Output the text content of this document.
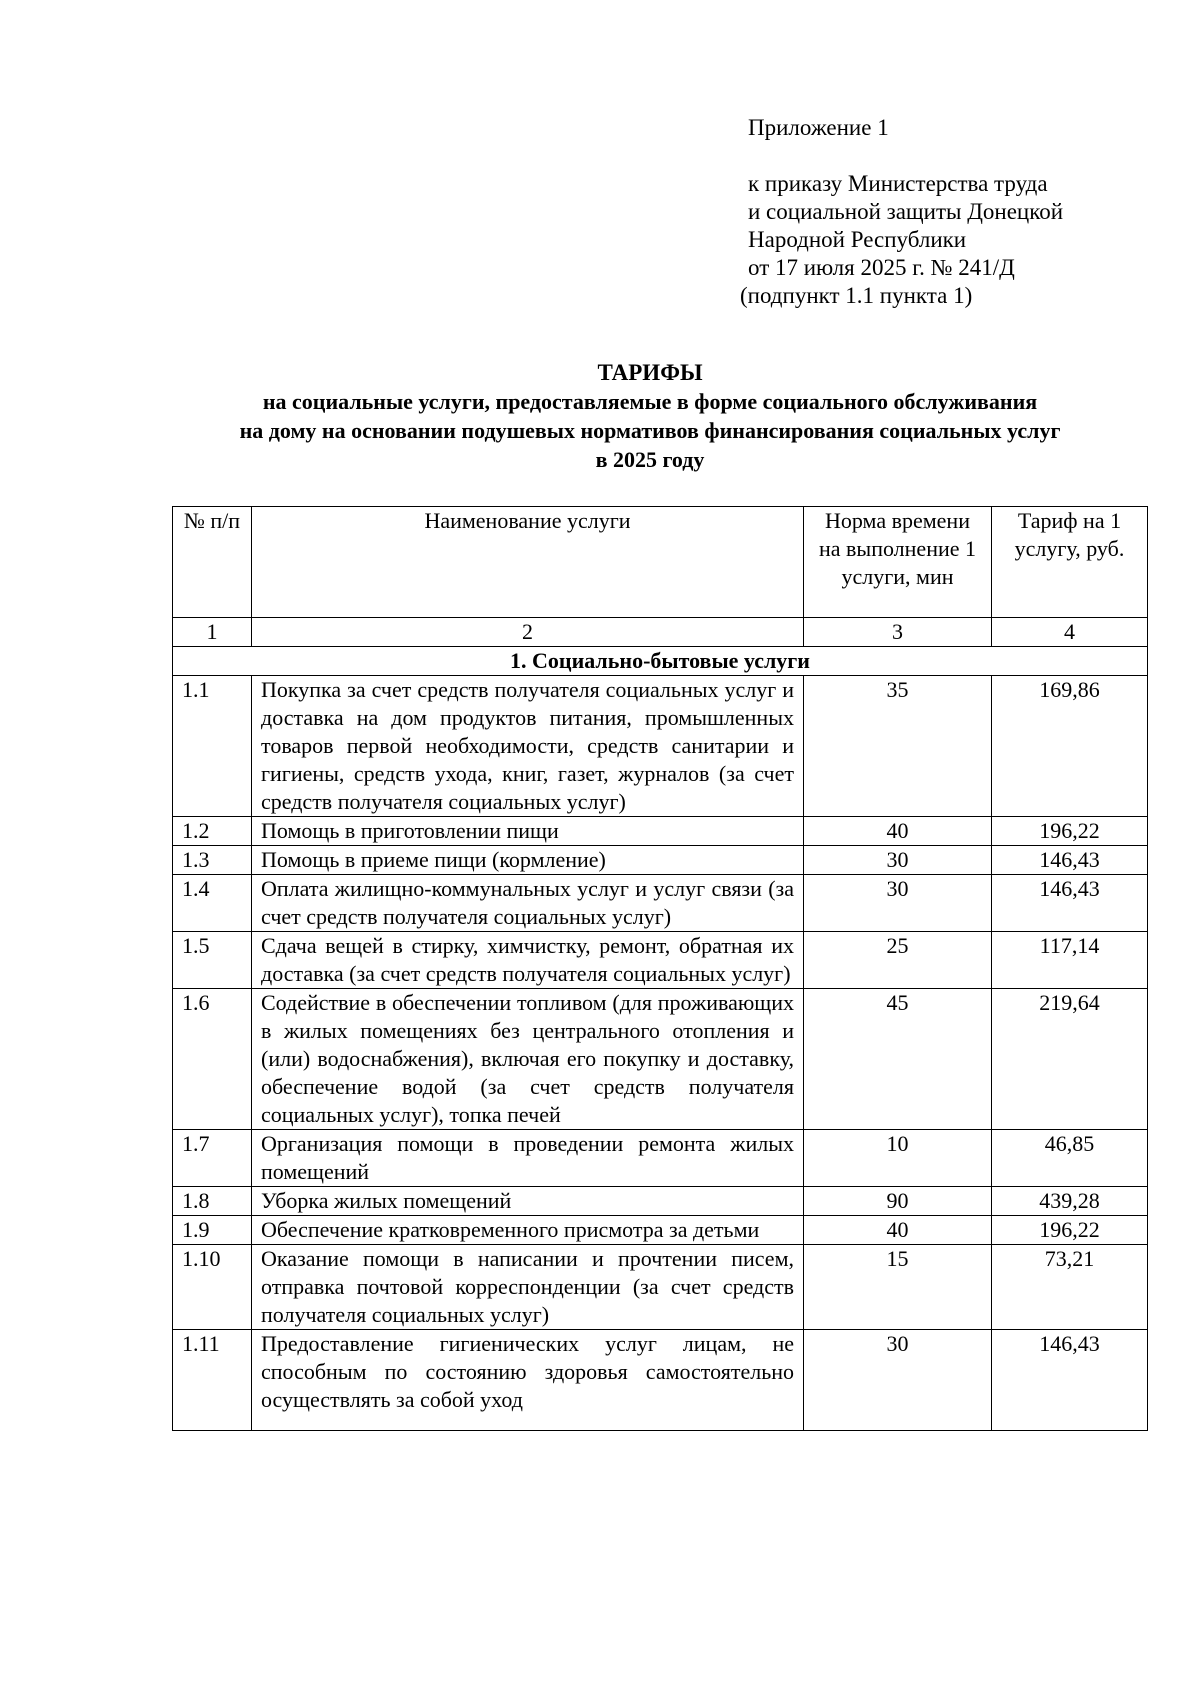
Приложение 1
к приказу Министерства труда
и социальной защиты Донецкой
Народной Республики
от 17 июля 2025 г. № 241/Д
(подпункт 1.1 пункта 1)
ТАРИФЫ
на социальные услуги, предоставляемые в форме социального обслуживания
на дому на основании подушевых нормативов финансирования социальных услуг
в 2025 году
№ п/п	Наименование услуги	Норма времени на выполнение 1 услуги, мин	Тариф на 1 услугу, руб.
1	2	3	4
1. Социально-бытовые услуги			
1.1	Покупка за счет средств получателя социальных услуг и доставка на дом продуктов питания, промышленных товаров первой необходимости, средств санитарии и гигиены, средств ухода, книг, газет, журналов (за счет средств получателя социальных услуг)	35	169,86
1.2	Помощь в приготовлении пищи	40	196,22
1.3	Помощь в приеме пищи (кормление)	30	146,43
1.4	Оплата жилищно-коммунальных услуг и услуг связи (за счет средств получателя социальных услуг)	30	146,43
1.5	Сдача вещей в стирку, химчистку, ремонт, обратная их доставка (за счет средств получателя социальных услуг)	25	117,14
1.6	Содействие в обеспечении топливом (для проживающих в жилых помещениях без центрального отопления и (или) водоснабжения), включая его покупку и доставку, обеспечение водой (за счет средств получателя социальных услуг), топка печей	45	219,64
1.7	Организация помощи в проведении ремонта жилых помещений	10	46,85
1.8	Уборка жилых помещений	90	439,28
1.9	Обеспечение кратковременного присмотра за детьми	40	196,22
1.10	Оказание помощи в написании и прочтении писем, отправка почтовой корреспонденции (за счет средств получателя социальных услуг)	15	73,21
1.11	Предоставление гигиенических услуг лицам, не способным по состоянию здоровья самостоятельно осуществлять за собой уход	30	146,43
